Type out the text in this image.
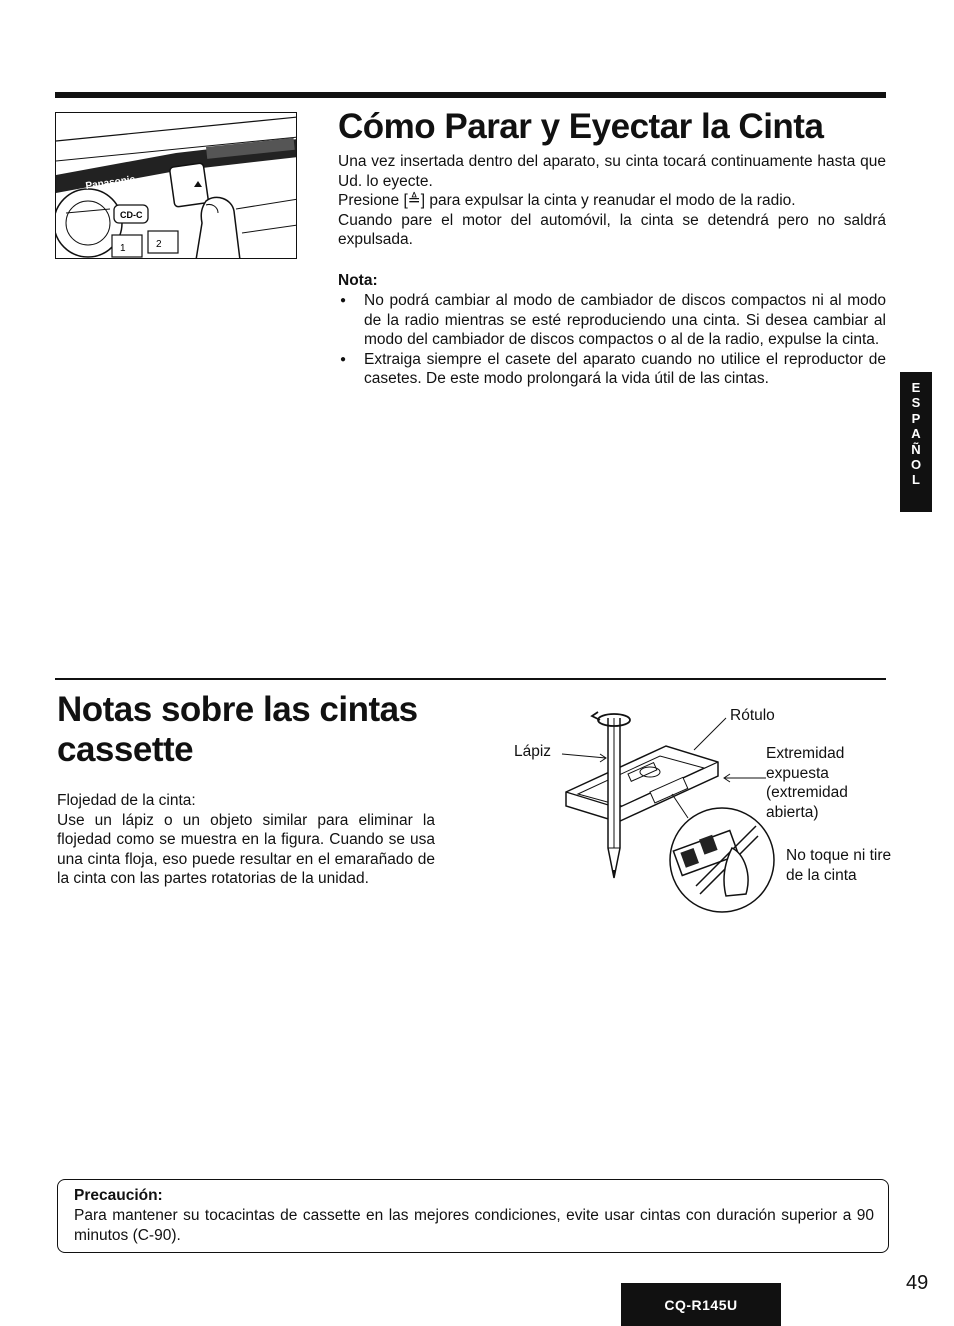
CD-C
1	2
Panasonic
Cómo Parar y Eyectar la Cinta

Una vez insertada dentro del aparato, su cinta tocará continuamente hasta que Ud. lo eyecte.

Presione [≜] para expulsar la cinta y reanudar el modo de la radio.

Cuando pare el motor del automóvil, la cinta se detendrá pero no saldrá expulsada.

Nota:
● No podrá cambiar al modo de cambiador de discos compactos ni al modo de la radio mientras se esté reproduciendo una cinta. Si desea cambiar al modo del cambiador de discos compactos o al de la radio, expulse la cinta.
● Extraiga siempre el casete del aparato cuando no utilice el reproductor de casetes. De este modo prolongará la vida útil de las cintas.
E
S
P
A
Ñ
O
L
Notas sobre las cintas cassette

Flojedad de la cinta:

Use un lápiz o un objeto similar para eliminar la flojedad como se muestra en la figura. Cuando se usa una cinta floja, eso puede resultar en el emarañado de la cinta con las partes rotatorias de la unidad.

Lápiz
Rótulo
Extremidad
expuesta
(extremidad
abierta)
No toque ni tire
de la cinta
Precaución:
Para mantener su tocacintas de cassette en las mejores condiciones, evite usar cintas con duración superior a 90 minutos (C-90).
CQ-R145U
49
